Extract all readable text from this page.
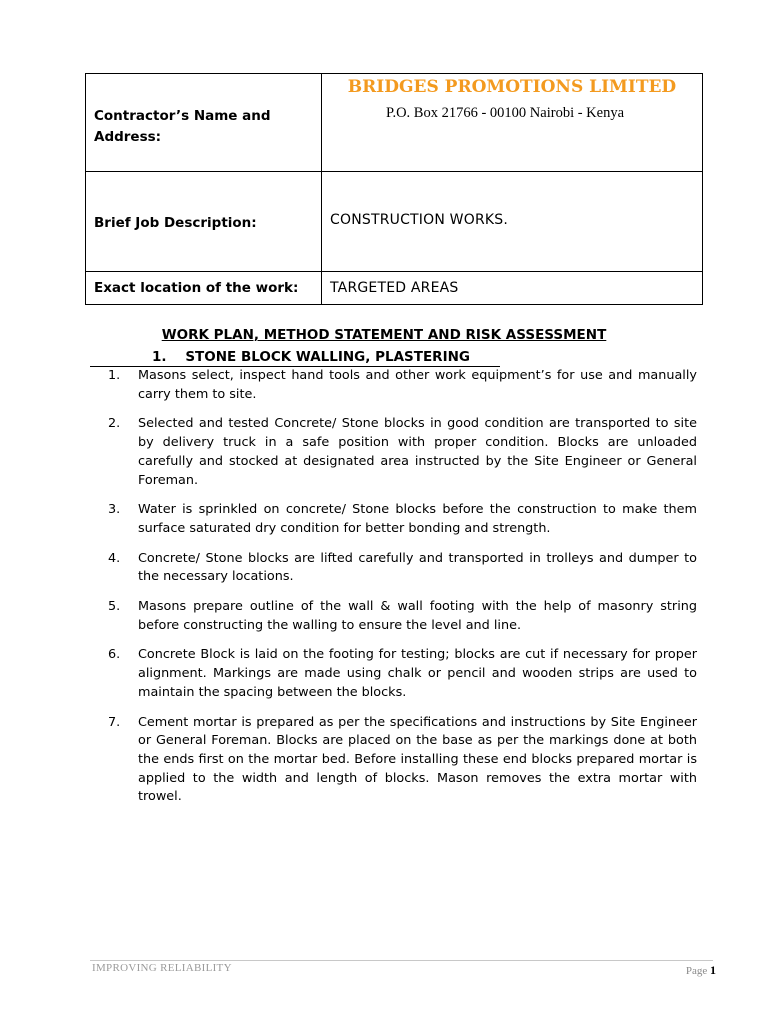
Contractor’s Name and Address:	BRIDGES PROMOTIONS LIMITED
P.O. Box 21766 - 00100 Nairobi - Kenya

Brief Job Description:	CONSTRUCTION WORKS.

Exact location of the work:	TARGETED AREAS
WORK PLAN, METHOD STATEMENT AND RISK ASSESSMENT
1.    STONE BLOCK WALLING, PLASTERING
1. Masons select, inspect hand tools and other work equipment’s for use and manually carry them to site.
2. Selected and tested Concrete/ Stone blocks in good condition are transported to site by delivery truck in a safe position with proper condition. Blocks are unloaded carefully and stocked at designated area instructed by the Site Engineer or General Foreman.
3. Water is sprinkled on concrete/ Stone blocks before the construction to make them surface saturated dry condition for better bonding and strength.
4. Concrete/ Stone blocks are lifted carefully and transported in trolleys and dumper to the necessary locations.
5. Masons prepare outline of the wall & wall footing with the help of masonry string before constructing the walling to ensure the level and line.
6. Concrete Block is laid on the footing for testing; blocks are cut if necessary for proper alignment. Markings are made using chalk or pencil and wooden strips are used to maintain the spacing between the blocks.
7. Cement mortar is prepared as per the specifications and instructions by Site Engineer or General Foreman. Blocks are placed on the base as per the markings done at both the ends first on the mortar bed. Before installing these end blocks prepared mortar is applied to the width and length of blocks. Mason removes the extra mortar with trowel.
IMPROVING RELIABILITY	Page 1
